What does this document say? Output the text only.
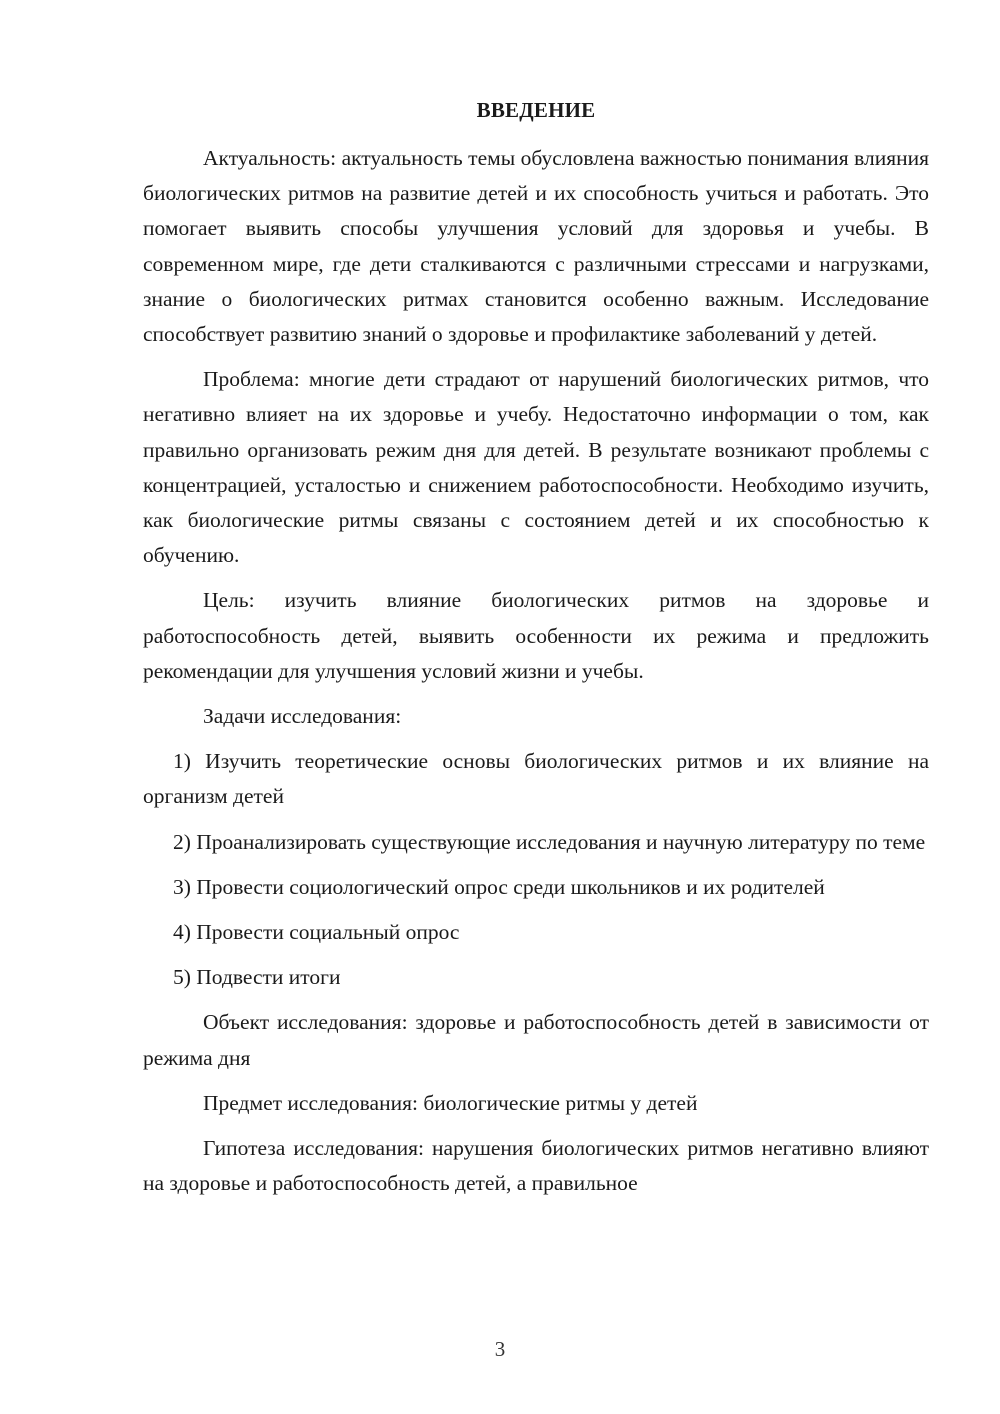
ВВЕДЕНИЕ

Актуальность: актуальность темы обусловлена важностью понимания влияния биологических ритмов на развитие детей и их способность учиться и работать. Это помогает выявить способы улучшения условий для здоровья и учебы. В современном мире, где дети сталкиваются с различными стрессами и нагрузками, знание о биологических ритмах становится особенно важным. Исследование способствует развитию знаний о здоровье и профилактике заболеваний у детей.

Проблема: многие дети страдают от нарушений биологических ритмов, что негативно влияет на их здоровье и учебу. Недостаточно информации о том, как правильно организовать режим дня для детей. В результате возникают проблемы с концентрацией, усталостью и снижением работоспособности. Необходимо изучить, как биологические ритмы связаны с состоянием детей и их способностью к обучению.

Цель: изучить влияние биологических ритмов на здоровье и работоспособность детей, выявить особенности их режима и предложить рекомендации для улучшения условий жизни и учебы.

Задачи исследования:

1) Изучить теоретические основы биологических ритмов и их влияние на организм детей

2) Проанализировать существующие исследования и научную литературу по теме

3) Провести социологический опрос среди школьников и их родителей

4) Провести социальный опрос

5) Подвести итоги

Объект исследования: здоровье и работоспособность детей в зависимости от режима дня

Предмет исследования: биологические ритмы у детей

Гипотеза исследования: нарушения биологических ритмов негативно влияют на здоровье и работоспособность детей, а правильное

3
